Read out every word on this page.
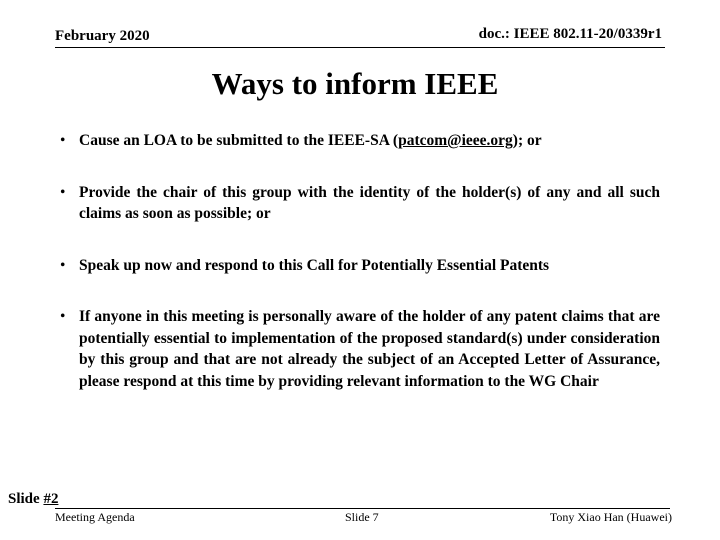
February 2020	doc.: IEEE 802.11-20/0339r1
Ways to inform IEEE
• Cause an LOA to be submitted to the IEEE-SA (patcom@ieee.org); or
• Provide the chair of this group with the identity of the holder(s) of any and all such claims as soon as possible; or
• Speak up now and respond to this Call for Potentially Essential Patents
• If anyone in this meeting is personally aware of the holder of any patent claims that are potentially essential to implementation of the proposed standard(s) under consideration by this group and that are not already the subject of an Accepted Letter of Assurance, please respond at this time by providing relevant information to the WG Chair
Slide #2
Meeting Agenda	Slide 7	Tony Xiao Han (Huawei)
